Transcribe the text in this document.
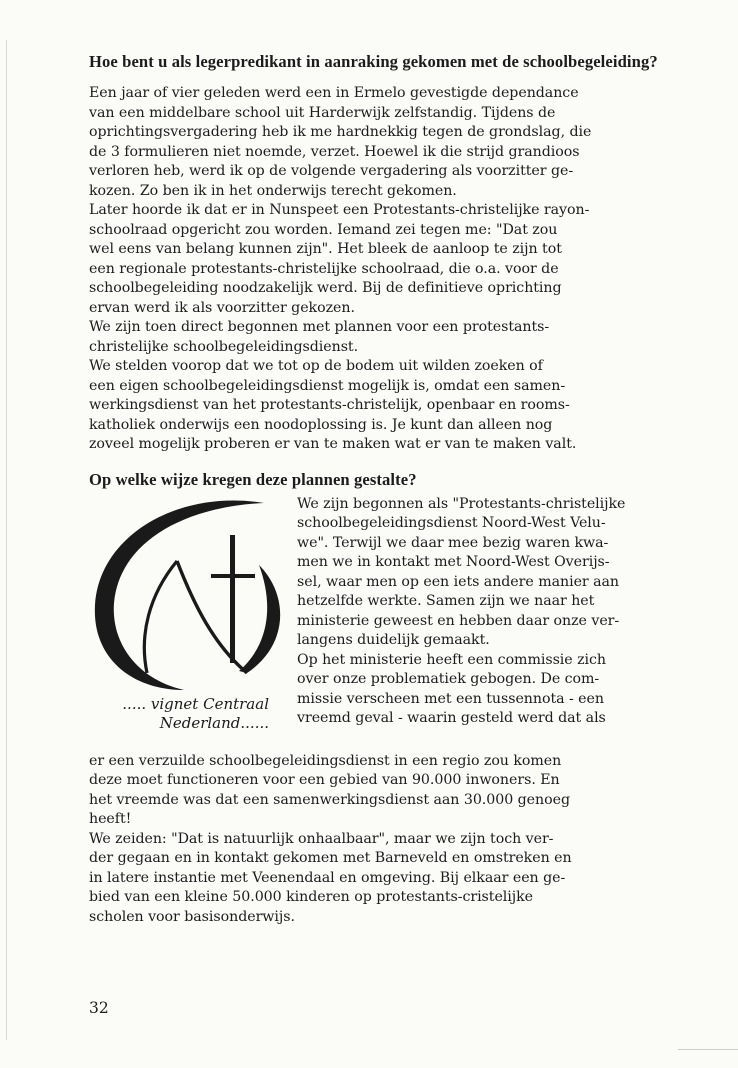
Hoe bent u als legerpredikant in aanraking gekomen met de schoolbegeleiding?

Een jaar of vier geleden werd een in Ermelo gevestigde dependance
van een middelbare school uit Harderwijk zelfstandig. Tijdens de
oprichtingsvergadering heb ik me hardnekkig tegen de grondslag, die
de 3 formulieren niet noemde, verzet. Hoewel ik die strijd grandioos
verloren heb, werd ik op de volgende vergadering als voorzitter ge-
kozen. Zo ben ik in het onderwijs terecht gekomen.
Later hoorde ik dat er in Nunspeet een Protestants-christelijke rayon-
schoolraad opgericht zou worden. Iemand zei tegen me: "Dat zou
wel eens van belang kunnen zijn". Het bleek de aanloop te zijn tot
een regionale protestants-christelijke schoolraad, die o.a. voor de
schoolbegeleiding noodzakelijk werd. Bij de definitieve oprichting
ervan werd ik als voorzitter gekozen.
We zijn toen direct begonnen met plannen voor een protestants-
christelijke schoolbegeleidingsdienst.
We stelden voorop dat we tot op de bodem uit wilden zoeken of
een eigen schoolbegeleidingsdienst mogelijk is, omdat een samen-
werkingsdienst van het protestants-christelijk, openbaar en rooms-
katholiek onderwijs een noodoplossing is. Je kunt dan alleen nog
zoveel mogelijk proberen er van te maken wat er van te maken valt.

Op welke wijze kregen deze plannen gestalte?

..... vignet Centraal
Nederland......
We zijn begonnen als "Protestants-christelijke
schoolbegeleidingsdienst Noord-West Velu-
we". Terwijl we daar mee bezig waren kwa-
men we in kontakt met Noord-West Overijs-
sel, waar men op een iets andere manier aan
hetzelfde werkte. Samen zijn we naar het
ministerie geweest en hebben daar onze ver-
langens duidelijk gemaakt.
Op het ministerie heeft een commissie zich
over onze problematiek gebogen. De com-
missie verscheen met een tussennota - een
vreemd geval - waarin gesteld werd dat als
er een verzuilde schoolbegeleidingsdienst in een regio zou komen
deze moet functioneren voor een gebied van 90.000 inwoners. En
het vreemde was dat een samenwerkingsdienst aan 30.000 genoeg
heeft!
We zeiden: "Dat is natuurlijk onhaalbaar", maar we zijn toch ver-
der gegaan en in kontakt gekomen met Barneveld en omstreken en
in latere instantie met Veenendaal en omgeving. Bij elkaar een ge-
bied van een kleine 50.000 kinderen op protestants-cristelijke
scholen voor basisonderwijs.
32
